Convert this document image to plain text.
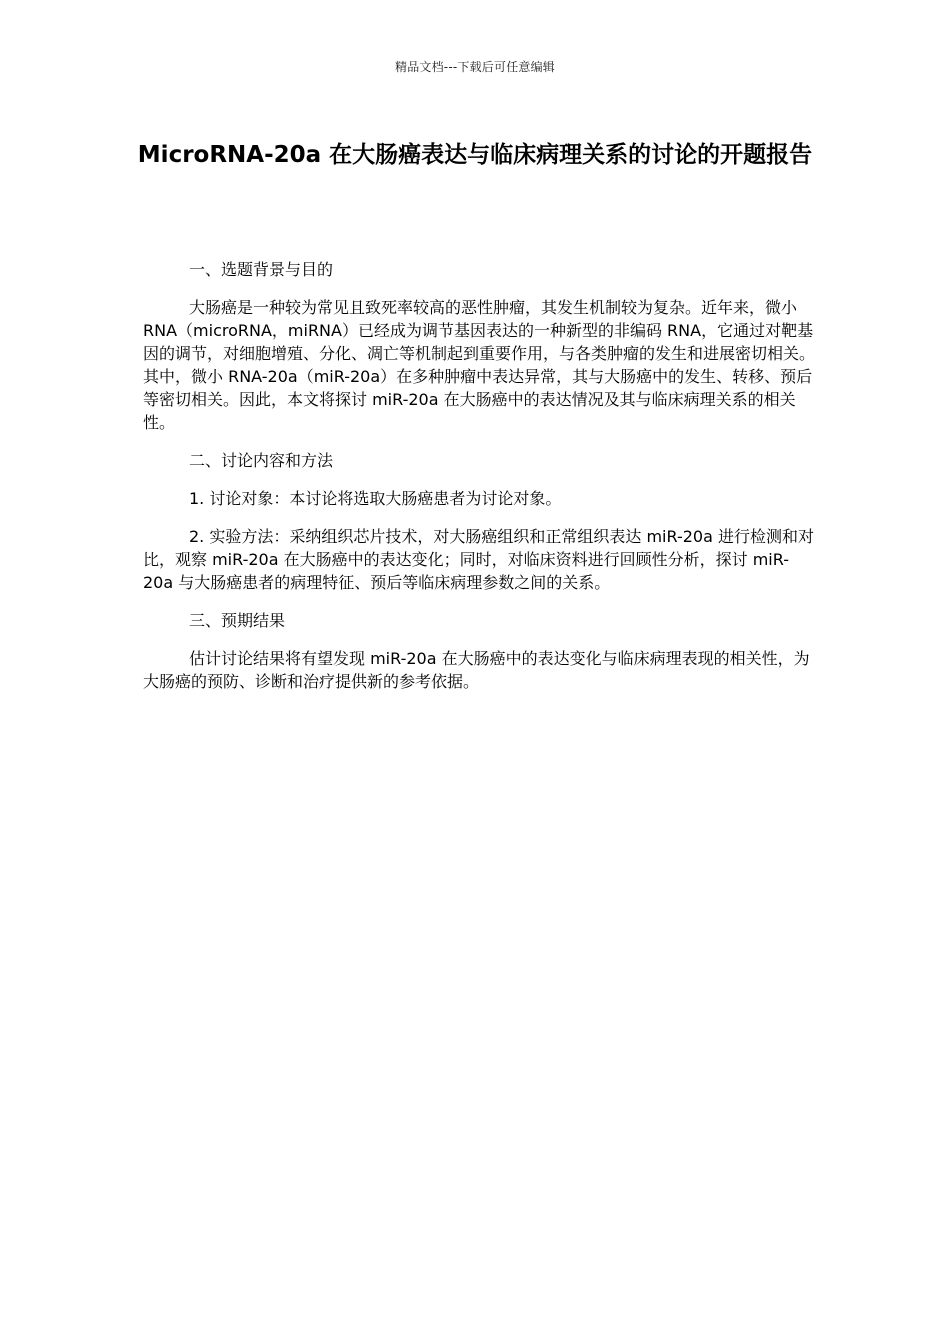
精品文档---下载后可任意编辑
MicroRNA-20a 在大肠癌表达与临床病理关系的讨论的开题报告

一、选题背景与目的

大肠癌是一种较为常见且致死率较高的恶性肿瘤，其发生机制较为复杂。近年来，微小 RNA（microRNA，miRNA）已经成为调节基因表达的一种新型的非编码 RNA，它通过对靶基因的调节，对细胞增殖、分化、凋亡等机制起到重要作用，与各类肿瘤的发生和进展密切相关。其中，微小 RNA-20a（miR-20a）在多种肿瘤中表达异常，其与大肠癌中的发生、转移、预后等密切相关。因此，本文将探讨 miR-20a 在大肠癌中的表达情况及其与临床病理关系的相关性。

二、讨论内容和方法

1. 讨论对象：本讨论将选取大肠癌患者为讨论对象。

2. 实验方法：采纳组织芯片技术，对大肠癌组织和正常组织表达 miR-20a 进行检测和对比，观察 miR-20a 在大肠癌中的表达变化；同时，对临床资料进行回顾性分析，探讨 miR-20a 与大肠癌患者的病理特征、预后等临床病理参数之间的关系。

三、预期结果

估计讨论结果将有望发现 miR-20a 在大肠癌中的表达变化与临床病理表现的相关性，为大肠癌的预防、诊断和治疗提供新的参考依据。
